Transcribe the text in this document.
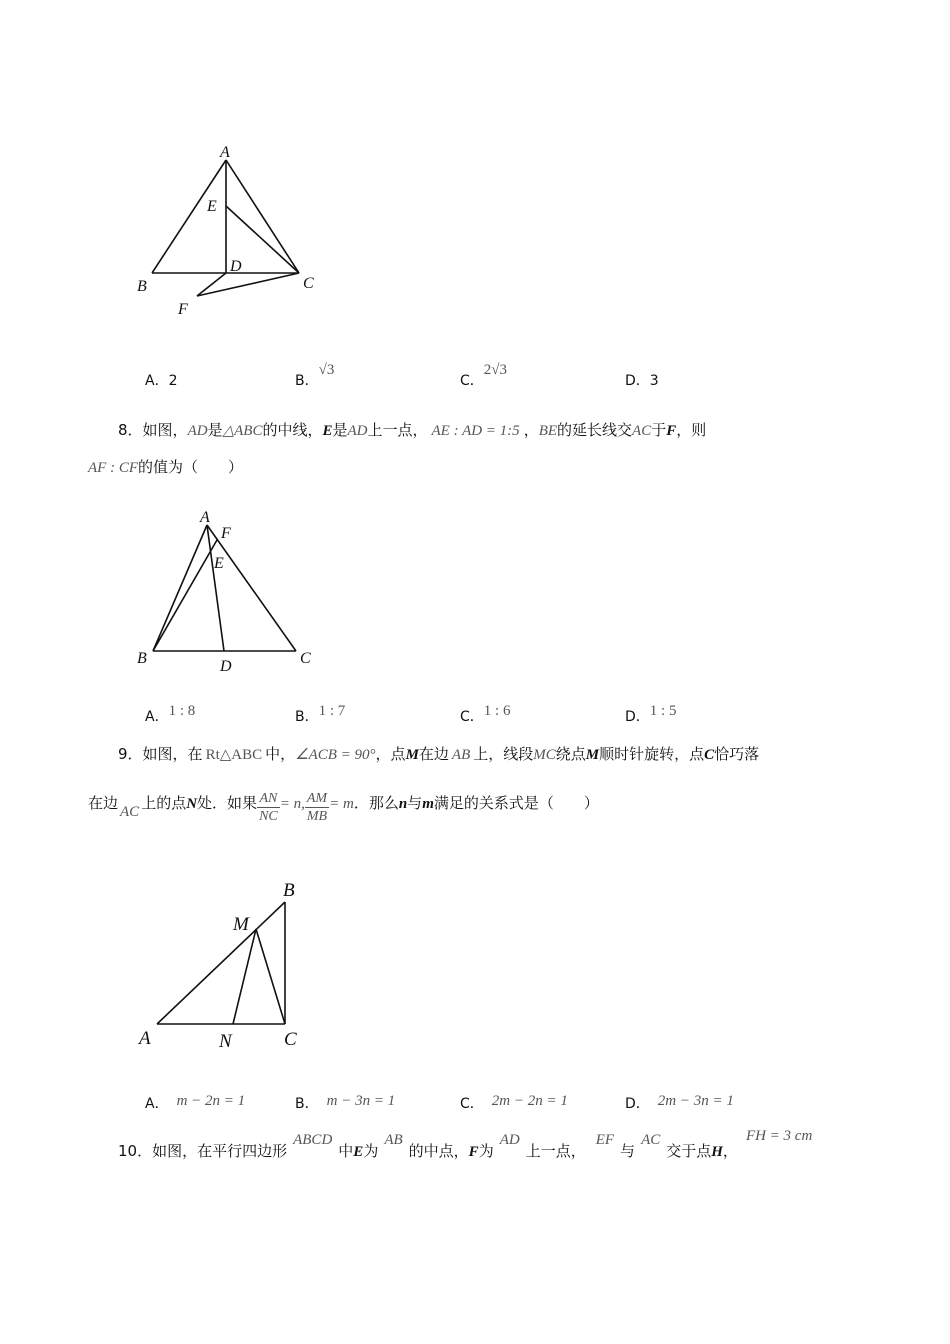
A
E
B
D
C
F
A．2	B．√3
C．2√3
D．3
8．如图，AD是△ABC的中线，E是AD上一点， AE : AD = 1:5 ，BE的延长线交AC于F，则
AF : CF的值为（　　）
A
F
E
B	D	C
A．1 : 8	B．1 : 7	C．1 : 6	D．1 : 5
9．如图，在 Rt△ABC 中，∠ACB = 90°，点M在边 AB 上，线段MC绕点M顺时针旋转，点C恰巧落
在边 AC 上的点N处．如果 $\frac{AN}{NC} = n$, $\frac{AM}{MB} = m$．那么n与m满足的关系式是（　　）
B
M
A	N	C
A． m − 2n = 1	B． m − 3n = 1	C． 2m − 2n = 1	D． 2m − 3n = 1
10．如图，在平行四边形ABCD中E为AB的中点，F为AD上一点，EF与AC交于点H，FH = 3 cm
